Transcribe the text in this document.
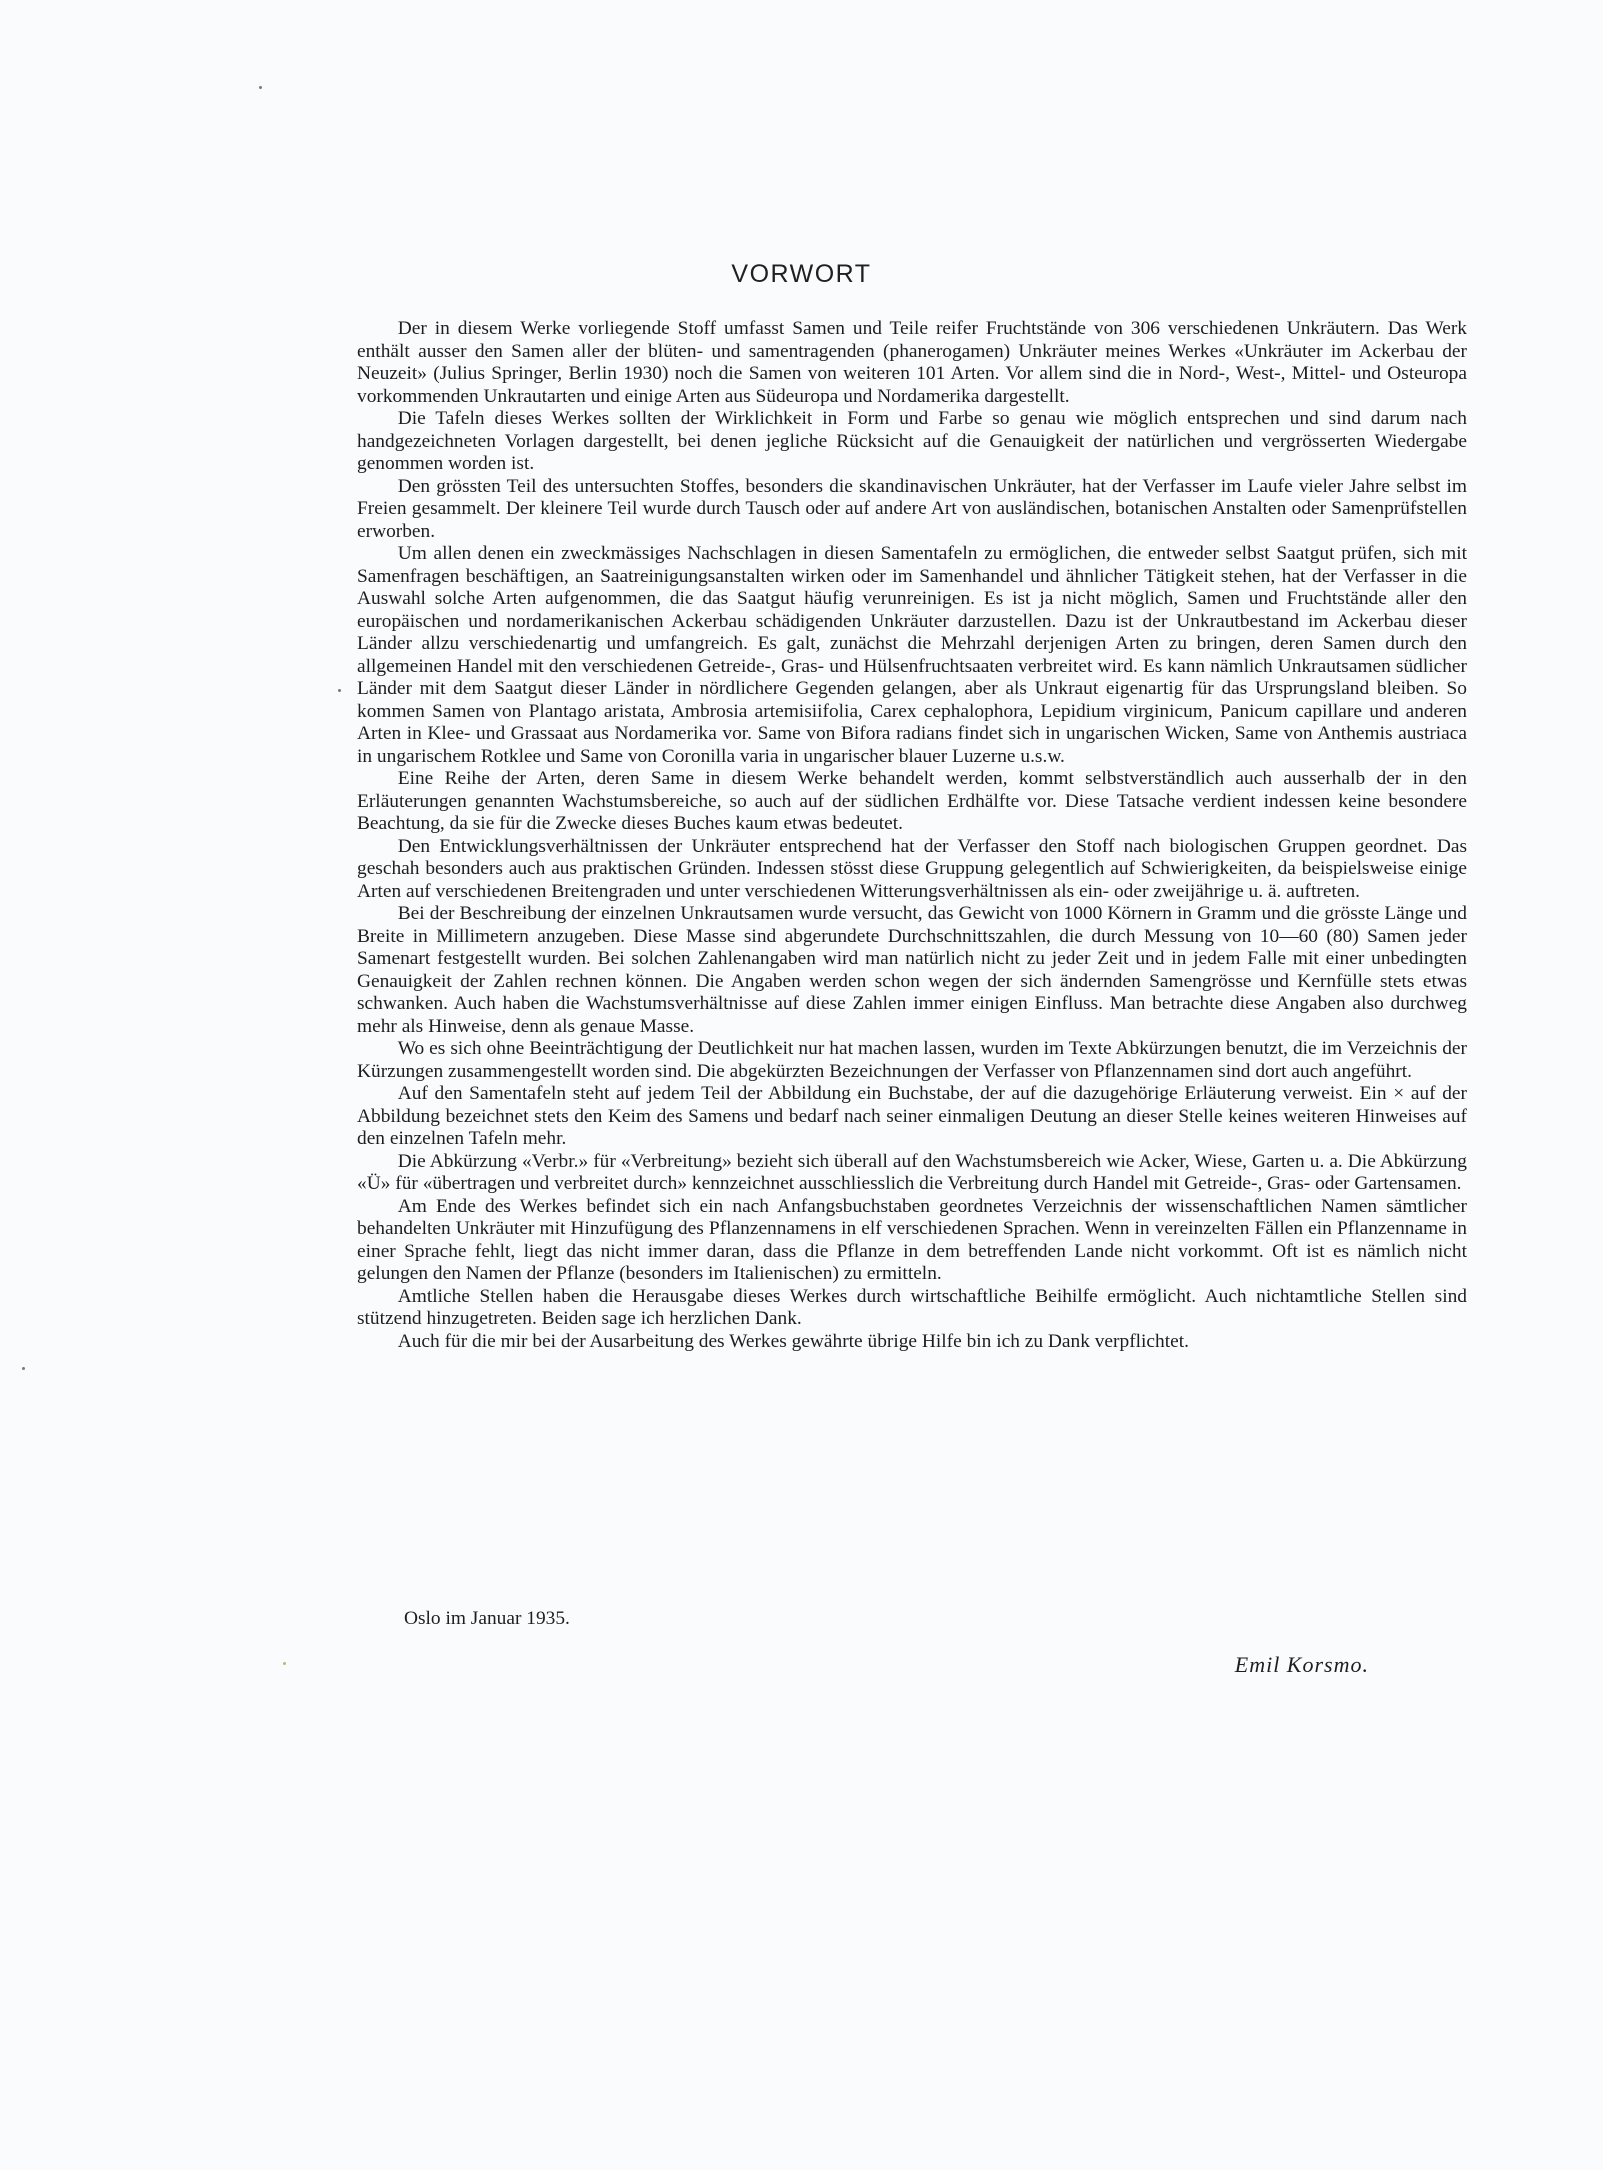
VORWORT

Der in diesem Werke vorliegende Stoff umfasst Samen und Teile reifer Fruchtstände von 306 verschiedenen Unkräutern. Das Werk enthält ausser den Samen aller der blüten- und samentragenden (phanerogamen) Unkräuter meines Werkes «Unkräuter im Ackerbau der Neuzeit» (Julius Springer, Berlin 1930) noch die Samen von weiteren 101 Arten. Vor allem sind die in Nord-, West-, Mittel- und Osteuropa vorkommenden Unkrautarten und einige Arten aus Südeuropa und Nordamerika dargestellt.

Die Tafeln dieses Werkes sollten der Wirklichkeit in Form und Farbe so genau wie möglich entsprechen und sind darum nach handgezeichneten Vorlagen dargestellt, bei denen jegliche Rücksicht auf die Genauigkeit der natürlichen und vergrösserten Wiedergabe genommen worden ist.

Den grössten Teil des untersuchten Stoffes, besonders die skandinavischen Unkräuter, hat der Verfasser im Laufe vieler Jahre selbst im Freien gesammelt. Der kleinere Teil wurde durch Tausch oder auf andere Art von ausländischen, botanischen Anstalten oder Samenprüfstellen erworben.

Um allen denen ein zweckmässiges Nachschlagen in diesen Samentafeln zu ermöglichen, die entweder selbst Saatgut prüfen, sich mit Samenfragen beschäftigen, an Saatreinigungsanstalten wirken oder im Samenhandel und ähnlicher Tätigkeit stehen, hat der Verfasser in die Auswahl solche Arten aufgenommen, die das Saatgut häufig verunreinigen. Es ist ja nicht möglich, Samen und Fruchtstände aller den europäischen und nordamerikanischen Ackerbau schädigenden Unkräuter darzustellen. Dazu ist der Unkrautbestand im Ackerbau dieser Länder allzu verschiedenartig und umfangreich. Es galt, zunächst die Mehrzahl derjenigen Arten zu bringen, deren Samen durch den allgemeinen Handel mit den verschiedenen Getreide-, Gras- und Hülsenfruchtsaaten verbreitet wird. Es kann nämlich Unkrautsamen südlicher Länder mit dem Saatgut dieser Länder in nördlichere Gegenden gelangen, aber als Unkraut eigenartig für das Ursprungsland bleiben. So kommen Samen von Plantago aristata, Ambrosia artemisiifolia, Carex cephalophora, Lepidium virginicum, Panicum capillare und anderen Arten in Klee- und Grassaat aus Nordamerika vor. Same von Bifora radians findet sich in ungarischen Wicken, Same von Anthemis austriaca in ungarischem Rotklee und Same von Coronilla varia in ungarischer blauer Luzerne u.s.w.

Eine Reihe der Arten, deren Same in diesem Werke behandelt werden, kommt selbstverständlich auch ausserhalb der in den Erläuterungen genannten Wachstumsbereiche, so auch auf der südlichen Erdhälfte vor. Diese Tatsache verdient indessen keine besondere Beachtung, da sie für die Zwecke dieses Buches kaum etwas bedeutet.

Den Entwicklungsverhältnissen der Unkräuter entsprechend hat der Verfasser den Stoff nach biologischen Gruppen geordnet. Das geschah besonders auch aus praktischen Gründen. Indessen stösst diese Gruppung gelegentlich auf Schwierigkeiten, da beispielsweise einige Arten auf verschiedenen Breitengraden und unter verschiedenen Witterungsverhältnissen als ein- oder zweijährige u. ä. auftreten.

Bei der Beschreibung der einzelnen Unkrautsamen wurde versucht, das Gewicht von 1000 Körnern in Gramm und die grösste Länge und Breite in Millimetern anzugeben. Diese Masse sind abgerundete Durchschnittszahlen, die durch Messung von 10—60 (80) Samen jeder Samenart festgestellt wurden. Bei solchen Zahlenangaben wird man natürlich nicht zu jeder Zeit und in jedem Falle mit einer unbedingten Genauigkeit der Zahlen rechnen können. Die Angaben werden schon wegen der sich ändernden Samengrösse und Kernfülle stets etwas schwanken. Auch haben die Wachstumsverhältnisse auf diese Zahlen immer einigen Einfluss. Man betrachte diese Angaben also durchweg mehr als Hinweise, denn als genaue Masse.

Wo es sich ohne Beeinträchtigung der Deutlichkeit nur hat machen lassen, wurden im Texte Abkürzungen benutzt, die im Verzeichnis der Kürzungen zusammengestellt worden sind. Die abgekürzten Bezeichnungen der Verfasser von Pflanzennamen sind dort auch angeführt.

Auf den Samentafeln steht auf jedem Teil der Abbildung ein Buchstabe, der auf die dazugehörige Erläuterung verweist. Ein × auf der Abbildung bezeichnet stets den Keim des Samens und bedarf nach seiner einmaligen Deutung an dieser Stelle keines weiteren Hinweises auf den einzelnen Tafeln mehr.

Die Abkürzung «Verbr.» für «Verbreitung» bezieht sich überall auf den Wachstumsbereich wie Acker, Wiese, Garten u. a. Die Abkürzung «Ü» für «übertragen und verbreitet durch» kennzeichnet ausschliesslich die Verbreitung durch Handel mit Getreide-, Gras- oder Gartensamen.

Am Ende des Werkes befindet sich ein nach Anfangsbuchstaben geordnetes Verzeichnis der wissenschaftlichen Namen sämtlicher behandelten Unkräuter mit Hinzufügung des Pflanzennamens in elf verschiedenen Sprachen. Wenn in vereinzelten Fällen ein Pflanzenname in einer Sprache fehlt, liegt das nicht immer daran, dass die Pflanze in dem betreffenden Lande nicht vorkommt. Oft ist es nämlich nicht gelungen den Namen der Pflanze (besonders im Italienischen) zu ermitteln.

Amtliche Stellen haben die Herausgabe dieses Werkes durch wirtschaftliche Beihilfe ermöglicht. Auch nichtamtliche Stellen sind stützend hinzugetreten. Beiden sage ich herzlichen Dank.

Auch für die mir bei der Ausarbeitung des Werkes gewährte übrige Hilfe bin ich zu Dank verpflichtet.

Oslo im Januar 1935.
Emil Korsmo.
